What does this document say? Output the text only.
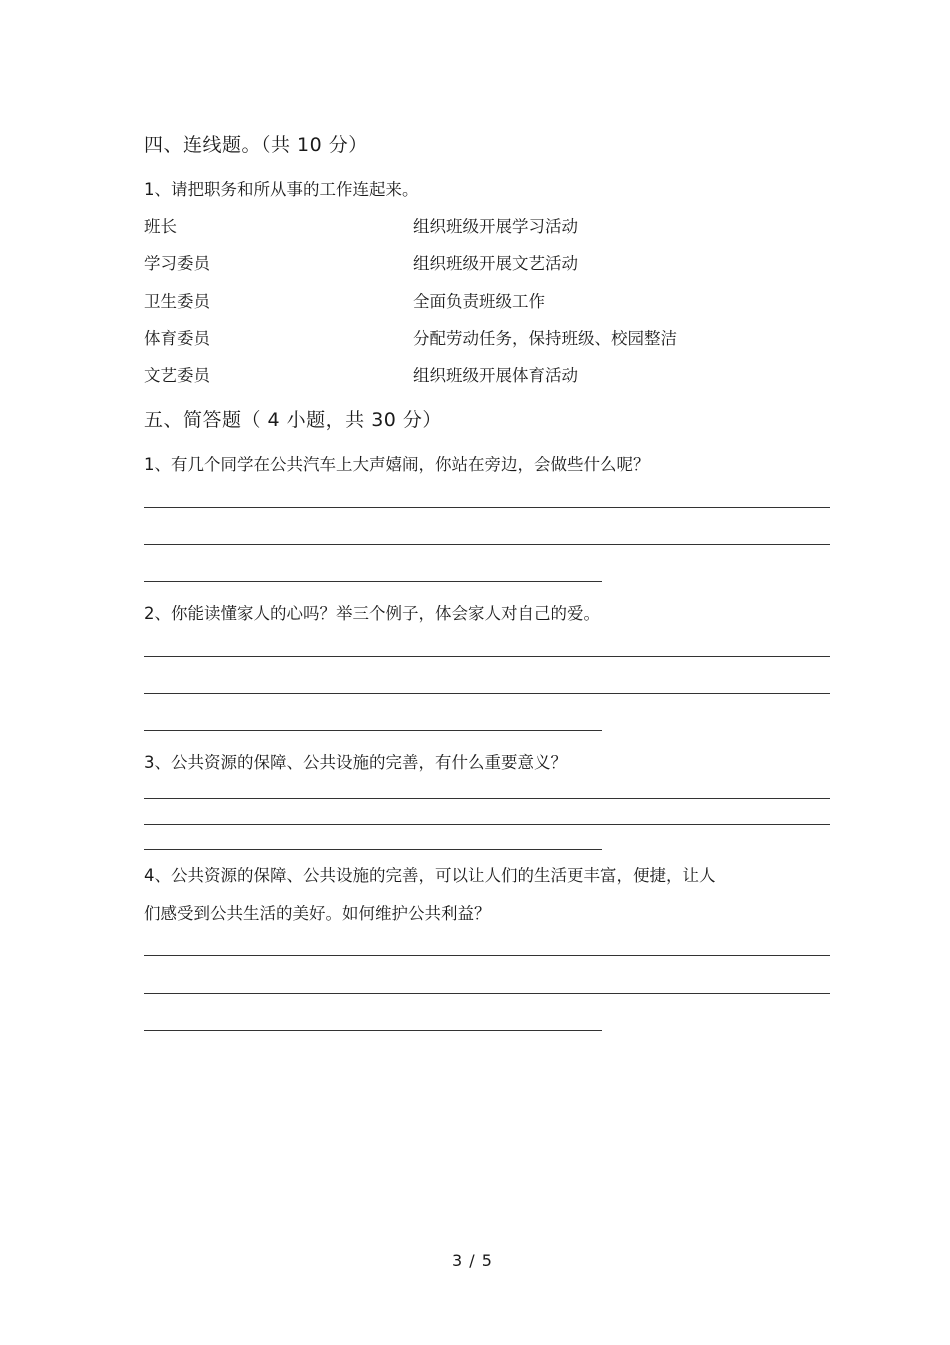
四、连线题。（共 10 分）
1、请把职务和所从事的工作连起来。
班长	组织班级开展学习活动
学习委员	组织班级开展文艺活动
卫生委员	全面负责班级工作
体育委员	分配劳动任务，保持班级、校园整洁
文艺委员	组织班级开展体育活动
五、简答题（ 4 小题，共 30 分）
1、有几个同学在公共汽车上大声嬉闹，你站在旁边，会做些什么呢？
2、你能读懂家人的心吗？举三个例子，体会家人对自己的爱。
3、公共资源的保障、公共设施的完善，有什么重要意义？
4、公共资源的保障、公共设施的完善，可以让人们的生活更丰富，便捷，让人
们感受到公共生活的美好。如何维护公共利益？
3 / 5
